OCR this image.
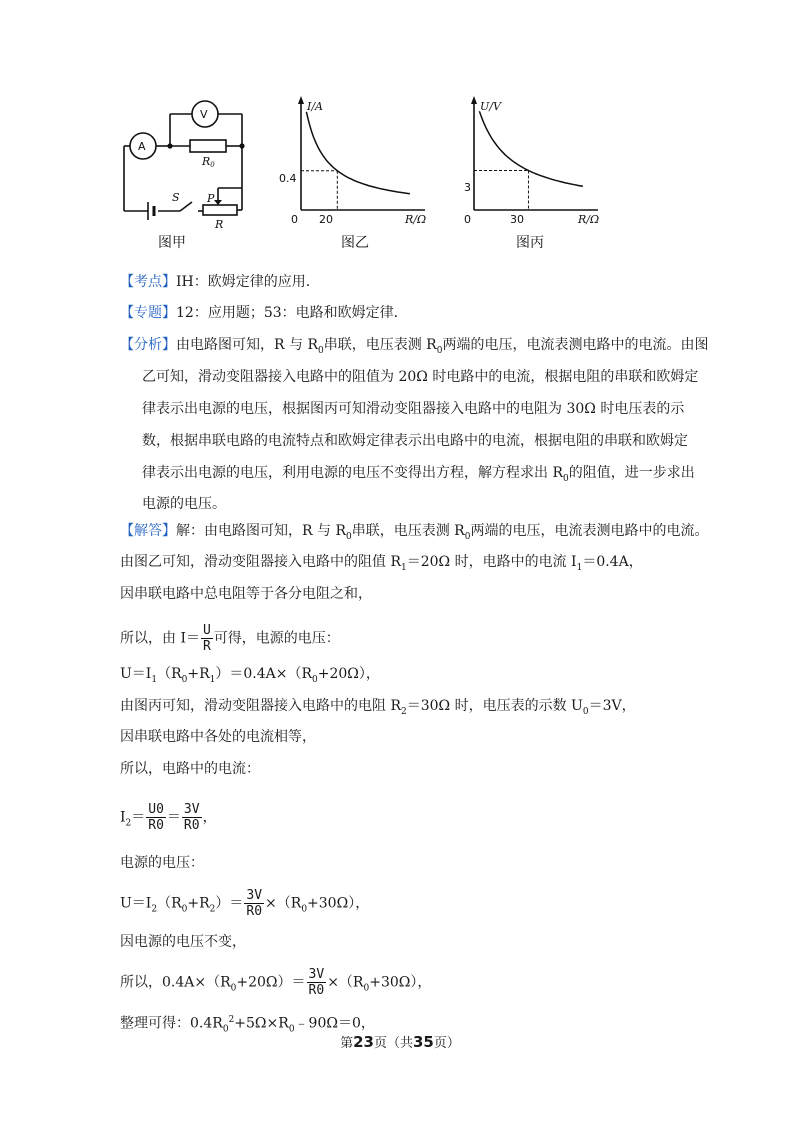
A
V
R0
S P
R
图甲
I/A
R/Ω
0
0.4
20
图乙
U/V
R/Ω
0
3
30
图丙
【考点】IH：欧姆定律的应用．
【专题】12：应用题；53：电路和欧姆定律．
【分析】由电路图可知，R 与 $R_0$串联，电压表测 $R_0$两端的电压，电流表测电路中的电流。由图
乙可知，滑动变阻器接入电路中的阻值为 20Ω 时电路中的电流，根据电阻的串联和欧姆定
律表示出电源的电压，根据图丙可知滑动变阻器接入电路中的电阻为 30Ω 时电压表的示
数，根据串联电路的电流特点和欧姆定律表示出电路中的电流，根据电阻的串联和欧姆定
律表示出电源的电压，利用电源的电压不变得出方程，解方程求出 $R_0$的阻值，进一步求出
电源的电压。
【解答】解：由电路图可知，R 与 $R_0$串联，电压表测 $R_0$两端的电压，电流表测电路中的电流。
由图乙可知，滑动变阻器接入电路中的阻值 $R_1=20\Omega$ 时，电路中的电流 $I_1=0.4A$，
因串联电路中总电阻等于各分电阻之和，
所以，由 $I= \frac{U}{R}$ 可得，电源的电压：
$U=I_1(R_0+R_1)=0.4A\times(R_0+20\Omega)$，
由图丙可知，滑动变阻器接入电路中的电阻 $R_2=30\Omega$ 时，电压表的示数 $U_0=3V$，
因串联电路中各处的电流相等，
所以，电路中的电流：
$I_2= \frac{U0}{R0} = \frac{3V}{R0}$ ，
电源的电压：
$U=I_2(R_0+R_2)= \frac{3V}{R0} \times(R_0+30\Omega)$，
因电源的电压不变，
所以，$0.4A\times(R_0+20\Omega)= \frac{3V}{R0} \times(R_0+30\Omega)$，
整理可得：$0.4R_0^2+5\Omega\times R_0﹣90\Omega=0$，
第23页（共35页）
